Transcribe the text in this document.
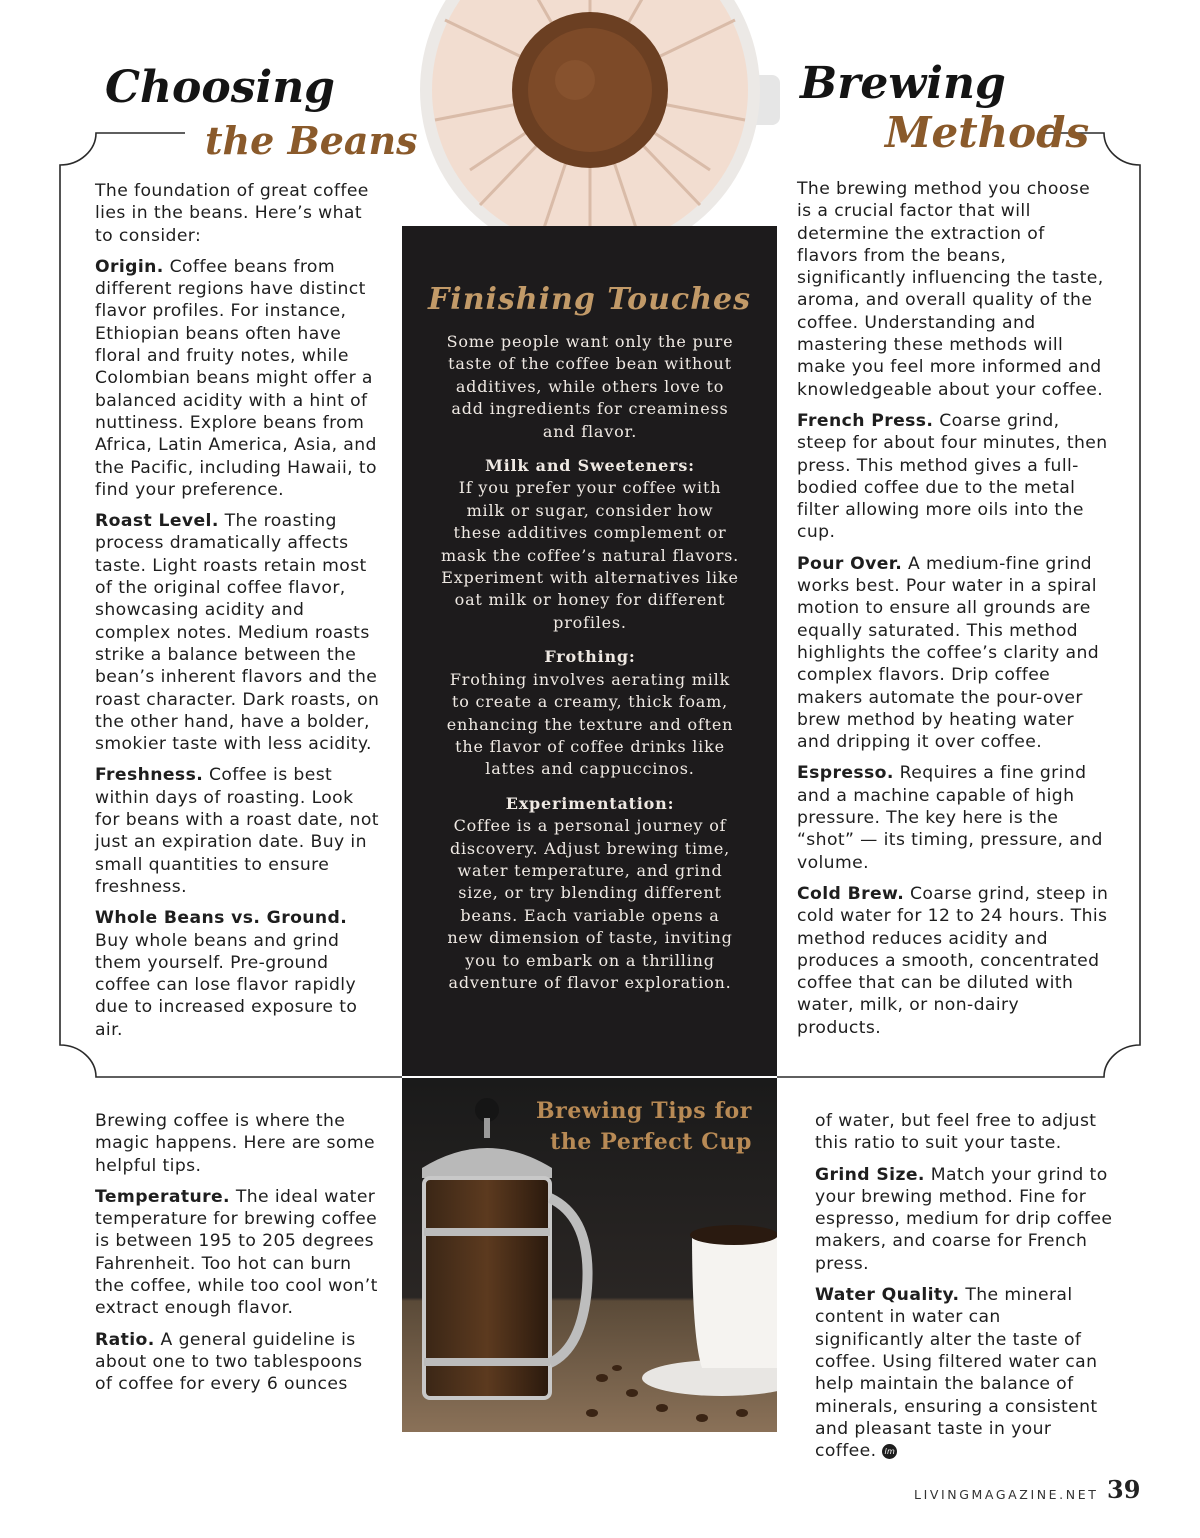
Choosing
the Beans
Brewing
Methods

The foundation of great coffee lies in the beans. Here’s what to consider:

Origin. Coffee beans from different regions have distinct flavor profiles. For instance, Ethiopian beans often have floral and fruity notes, while Colombian beans might offer a balanced acidity with a hint of nuttiness. Explore beans from Africa, Latin America, Asia, and the Pacific, including Hawaii, to find your preference.

Roast Level. The roasting process dramatically affects taste. Light roasts retain most of the original coffee flavor, showcasing acidity and complex notes. Medium roasts strike a balance between the bean’s inherent flavors and the roast character. Dark roasts, on the other hand, have a bolder, smokier taste with less acidity.

Freshness. Coffee is best within days of roasting. Look for beans with a roast date, not just an expiration date. Buy in small quantities to ensure freshness.

Whole Beans vs. Ground. Buy whole beans and grind them yourself. Pre-ground coffee can lose flavor rapidly due to increased exposure to air.

Finishing Touches

Some people want only the pure taste of the coffee bean without additives, while others love to add ingredients for creaminess and flavor.

Milk and Sweeteners:
If you prefer your coffee with milk or sugar, consider how these additives complement or mask the coffee’s natural flavors. Experiment with alternatives like oat milk or honey for different profiles.

Frothing:
Frothing involves aerating milk to create a creamy, thick foam, enhancing the texture and often the flavor of coffee drinks like lattes and cappuccinos.

Experimentation:
Coffee is a personal journey of discovery. Adjust brewing time, water temperature, and grind size, or try blending different beans. Each variable opens a new dimension of taste, inviting you to embark on a thrilling adventure of flavor exploration.

The brewing method you choose is a crucial factor that will determine the extraction of flavors from the beans, significantly influencing the taste, aroma, and overall quality of the coffee. Understanding and mastering these methods will make you feel more informed and knowledgeable about your coffee.

French Press. Coarse grind, steep for about four minutes, then press. This method gives a full-bodied coffee due to the metal filter allowing more oils into the cup.

Pour Over. A medium-fine grind works best. Pour water in a spiral motion to ensure all grounds are equally saturated. This method highlights the coffee’s clarity and complex flavors. Drip coffee makers automate the pour-over brew method by heating water and dripping it over coffee.

Espresso. Requires a fine grind and a machine capable of high pressure. The key here is the “shot” — its timing, pressure, and volume.

Cold Brew. Coarse grind, steep in cold water for 12 to 24 hours. This method reduces acidity and produces a smooth, concentrated coffee that can be diluted with water, milk, or non-dairy products.

Brewing Tips for
the Perfect Cup

Brewing coffee is where the magic happens. Here are some helpful tips.

Temperature. The ideal water temperature for brewing coffee is between 195 to 205 degrees Fahrenheit. Too hot can burn the coffee, while too cool won’t extract enough flavor.

Ratio. A general guideline is about one to two tablespoons of coffee for every 6 ounces

of water, but feel free to adjust this ratio to suit your taste.

Grind Size. Match your grind to your brewing method. Fine for espresso, medium for drip coffee makers, and coarse for French press.

Water Quality. The mineral content in water can significantly alter the taste of coffee. Using filtered water can help maintain the balance of minerals, ensuring a consistent and pleasant taste in your coffee. lm

LIVINGMAGAZINE.NET 39
